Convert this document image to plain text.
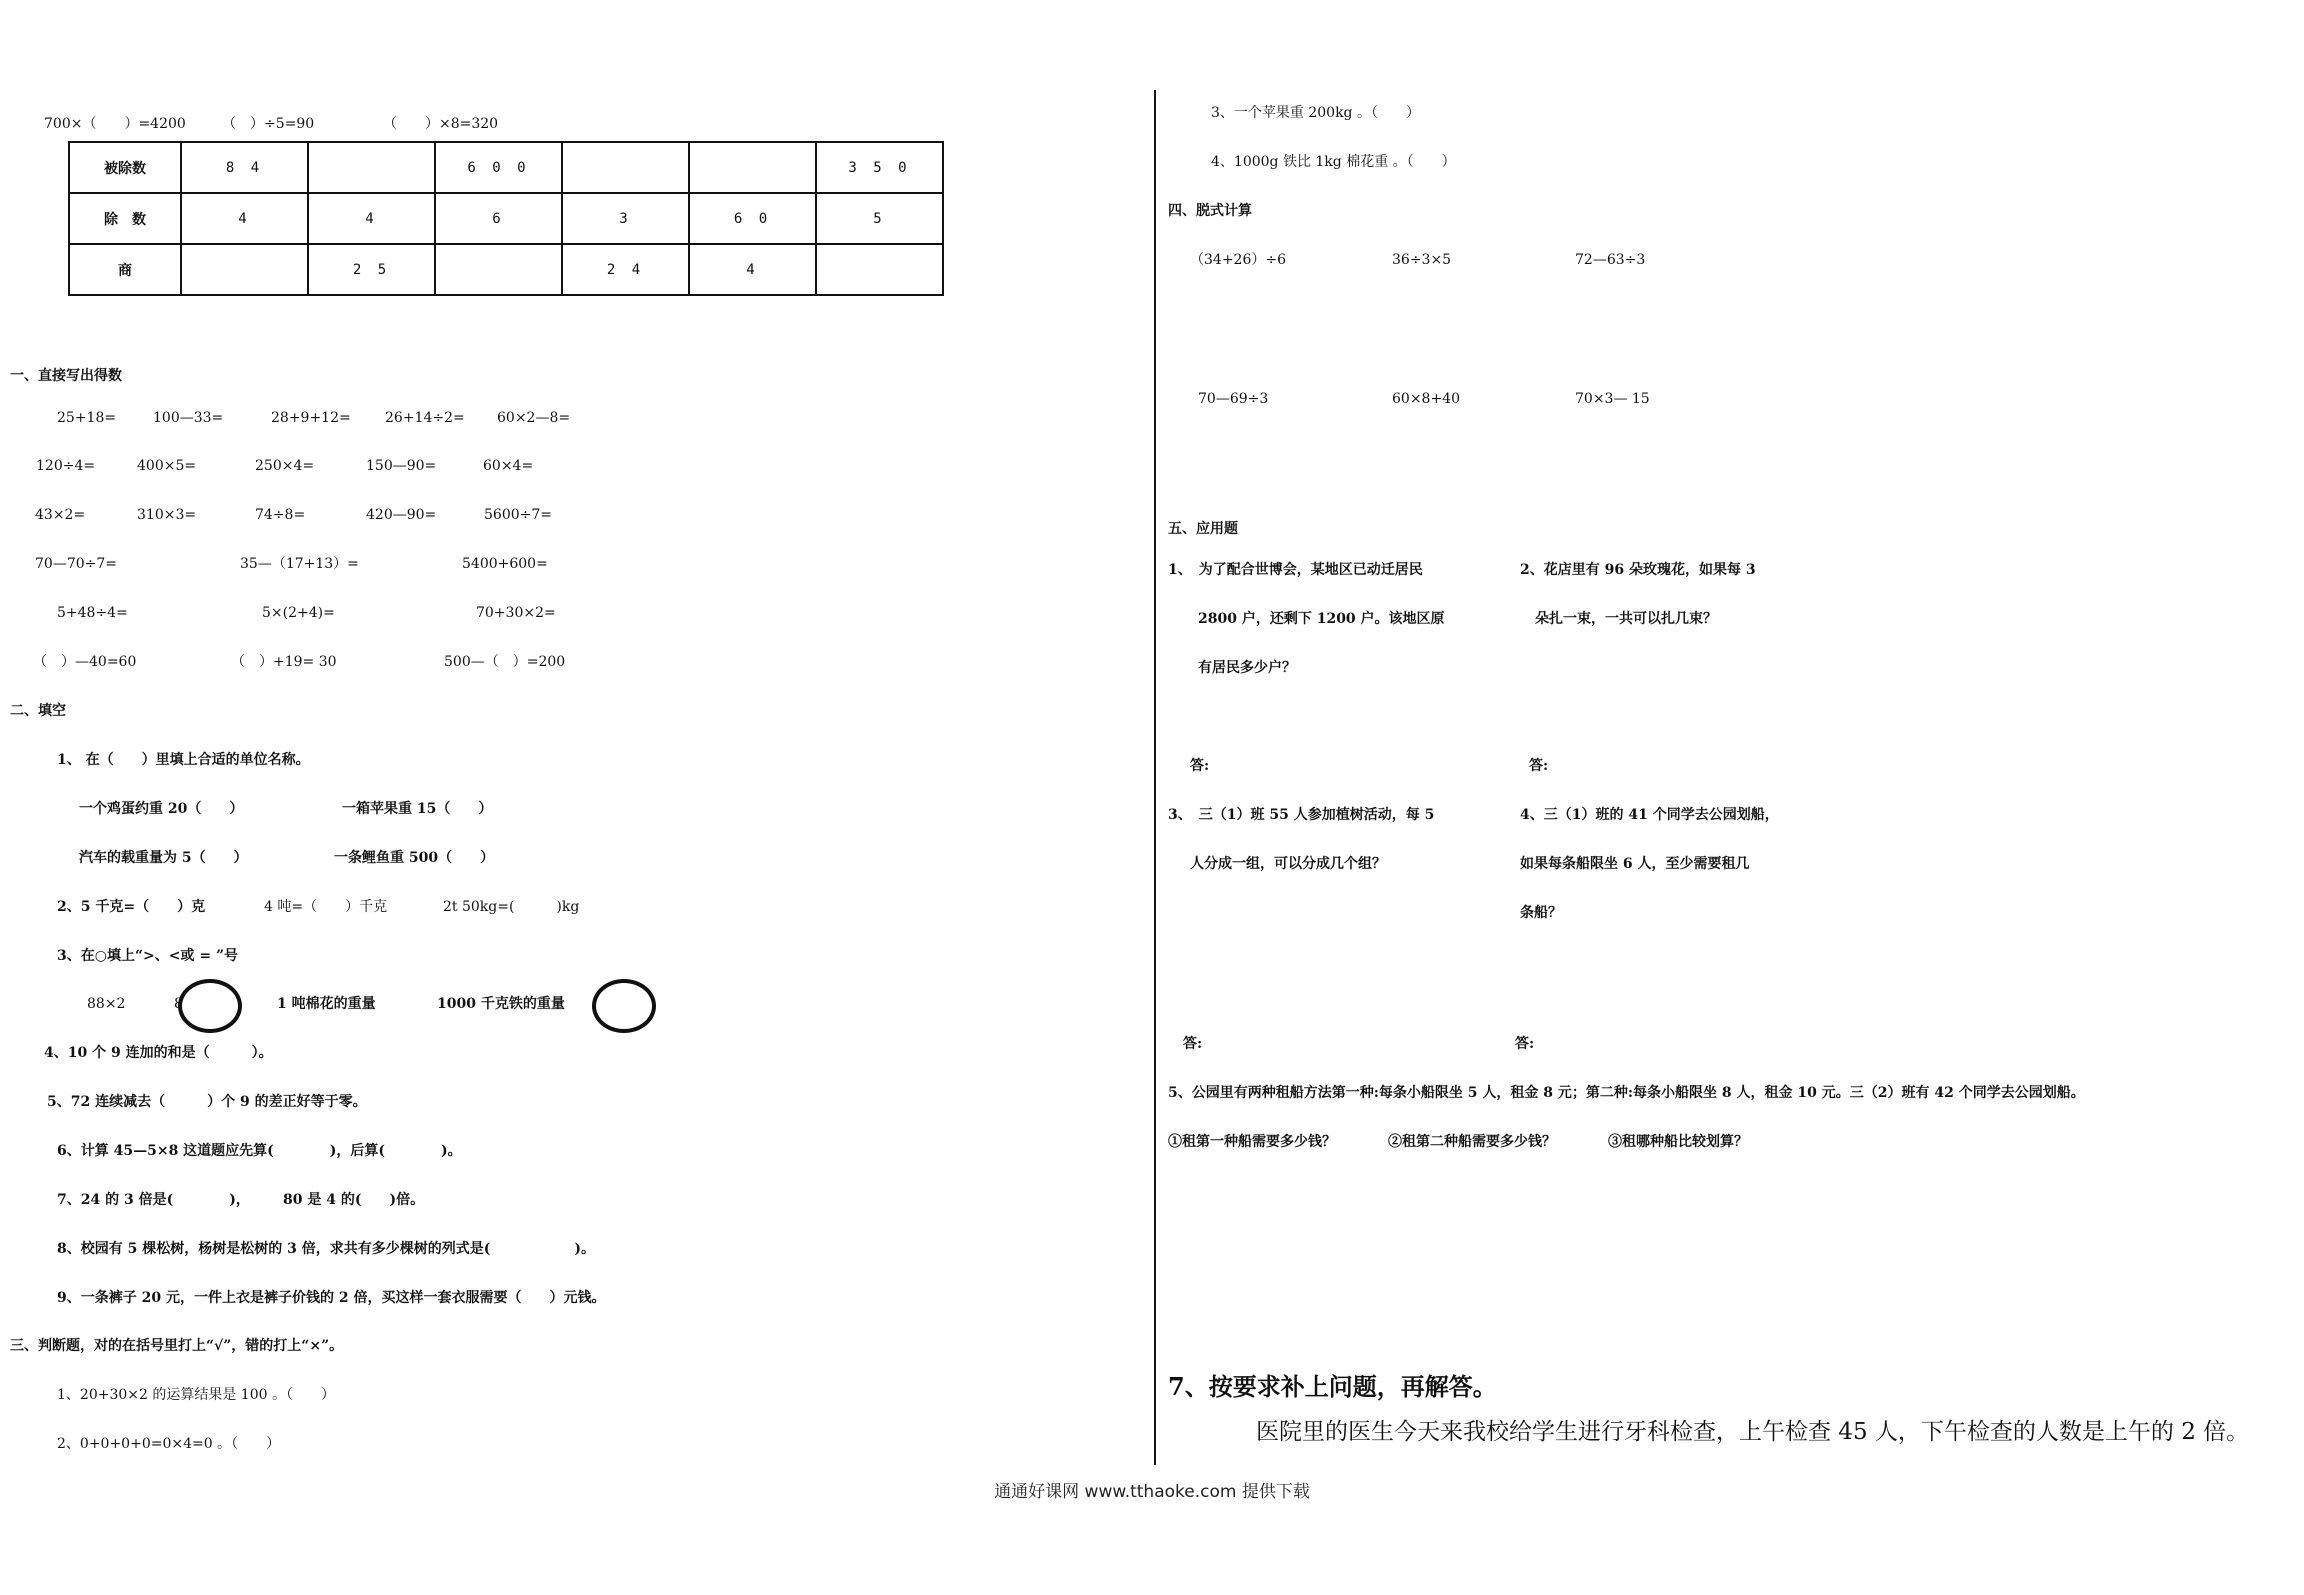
700×（　　）=4200	（　）÷5=90	（　　）×8=320
被除数	8 4		6 0 0			3 5 0
除　数	4	4	6	3	6 0	5
商		2 5		2 4	4	
一、直接写出得数
25+18=	100—33=	28+9+12= 26+14÷2= 60×2—8=
120÷4=	400×5=	250×4=	150—90=	60×4=
43×2=	310×3=	74÷8=	420—90=	5600÷7=
70—70÷7=	35—（17+13）=	5400+600=
5+48÷4=	5×(2+4)=	70+30×2=
（　）—40=60	（　）+19= 30	500—（　）=200
二、填空
1、 在（　　）里填上合适的单位名称。
一个鸡蛋约重 20（　　）	一箱苹果重 15（　　）
汽车的载重量为 5（　　）	一条鲤鱼重 500（　　）
2、5 千克=（　　）克	4 吨=（　　）千克	2t 50kg=(　　　)kg
3、在○填上“>、<或 = ”号
88×2	8	1 吨棉花的重量	1000 千克铁的重量
4、10 个 9 连加的和是（　　　）。
5、72 连续减去（　　　）个 9 的差正好等于零。
6、计算 45—5×8 这道题应先算(　　　　)，后算(　　　　)。
7、24 的 3 倍是(　　　　)， 80 是 4 的(　　)倍。
8、校园有 5 棵松树，杨树是松树的 3 倍，求共有多少棵树的列式是(　　　　　　)。
9、一条裤子 20 元，一件上衣是裤子价钱的 2 倍，买这样一套衣服需要（　　）元钱。
三、判断题，对的在括号里打上“√”，错的打上“×”。
1、20+30×2 的运算结果是 100 。（　　）
2、0+0+0+0=0×4=0 。（　　）
3、一个苹果重 200kg 。（　　）
4、1000g 铁比 1kg 棉花重 。（　　）
四、脱式计算
（34+26）÷6	36÷3×5	72—63÷3
70—69÷3	60×8+40	70×3— 15
五、应用题
1、　为了配合世博会，某地区已动迁居民
2800 户，还剩下 1200 户。该地区原
有居民多少户？
2、花店里有 96 朵玫瑰花，如果每 3
朵扎一束，一共可以扎几束？
答:	答:
3、　三（1）班 55 人参加植树活动，每 5
人分成一组，可以分成几个组？
4、三（1）班的 41 个同学去公园划船，
如果每条船限坐 6 人，至少需要租几
条船？
答:	答:
5、公园里有两种租船方法第一种:每条小船限坐 5 人，租金 8 元；第二种:每条小船限坐 8 人，租金 10 元。三（2）班有 42 个同学去公园划船。
①租第一种船需要多少钱？	②租第二种船需要多少钱？	③租哪种船比较划算？
7、按要求补上问题，再解答。
医院里的医生今天来我校给学生进行牙科检查，上午检查 45 人，下午检查的人数是上午的 2 倍。
通通好课网 www.tthaoke.com 提供下载
